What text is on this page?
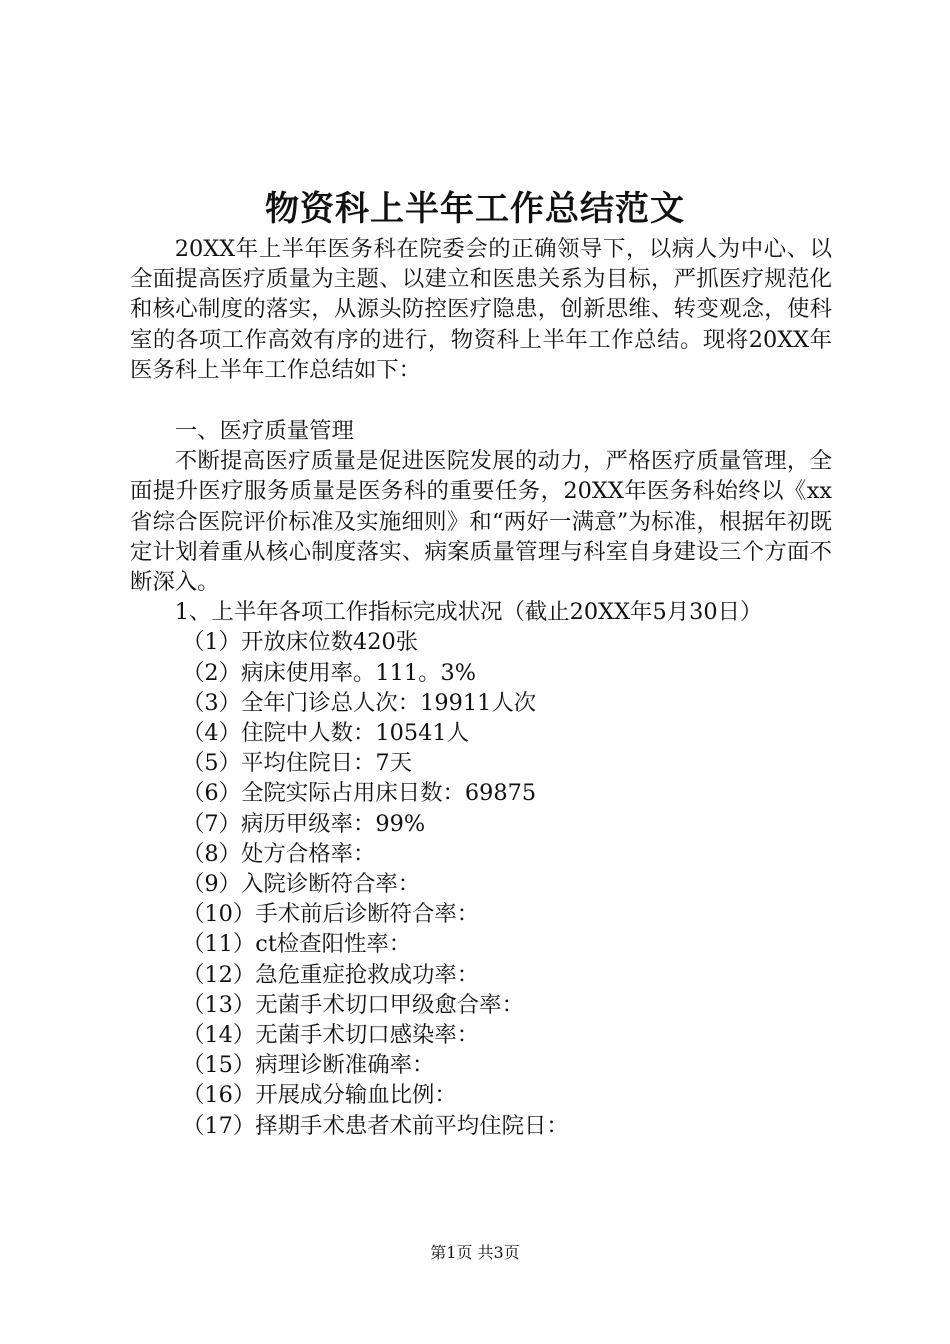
物资科上半年工作总结范文

20XX年上半年医务科在院委会的正确领导下，以病人为中心、以全面提高医疗质量为主题、以建立和医患关系为目标，严抓医疗规范化和核心制度的落实，从源头防控医疗隐患，创新思维、转变观念，使科室的各项工作高效有序的进行，物资科上半年工作总结。现将20XX年医务科上半年工作总结如下：

一、医疗质量管理

不断提高医疗质量是促进医院发展的动力，严格医疗质量管理，全面提升医疗服务质量是医务科的重要任务，20XX年医务科始终以《xx省综合医院评价标准及实施细则》和“两好一满意”为标准，根据年初既定计划着重从核心制度落实、病案质量管理与科室自身建设三个方面不断深入。

1、上半年各项工作指标完成状况（截止20XX年5月30日）

（1）开放床位数420张

（2）病床使用率。111。3%

（3）全年门诊总人次：19911人次

（4）住院中人数：10541人

（5）平均住院日：7天

（6）全院实际占用床日数：69875

（7）病历甲级率：99%

（8）处方合格率：

（9）入院诊断符合率：

（10）手术前后诊断符合率：

（11）ct检查阳性率：

（12）急危重症抢救成功率：

（13）无菌手术切口甲级愈合率：

（14）无菌手术切口感染率：

（15）病理诊断准确率：

（16）开展成分输血比例：

（17）择期手术患者术前平均住院日：

第1页 共3页
